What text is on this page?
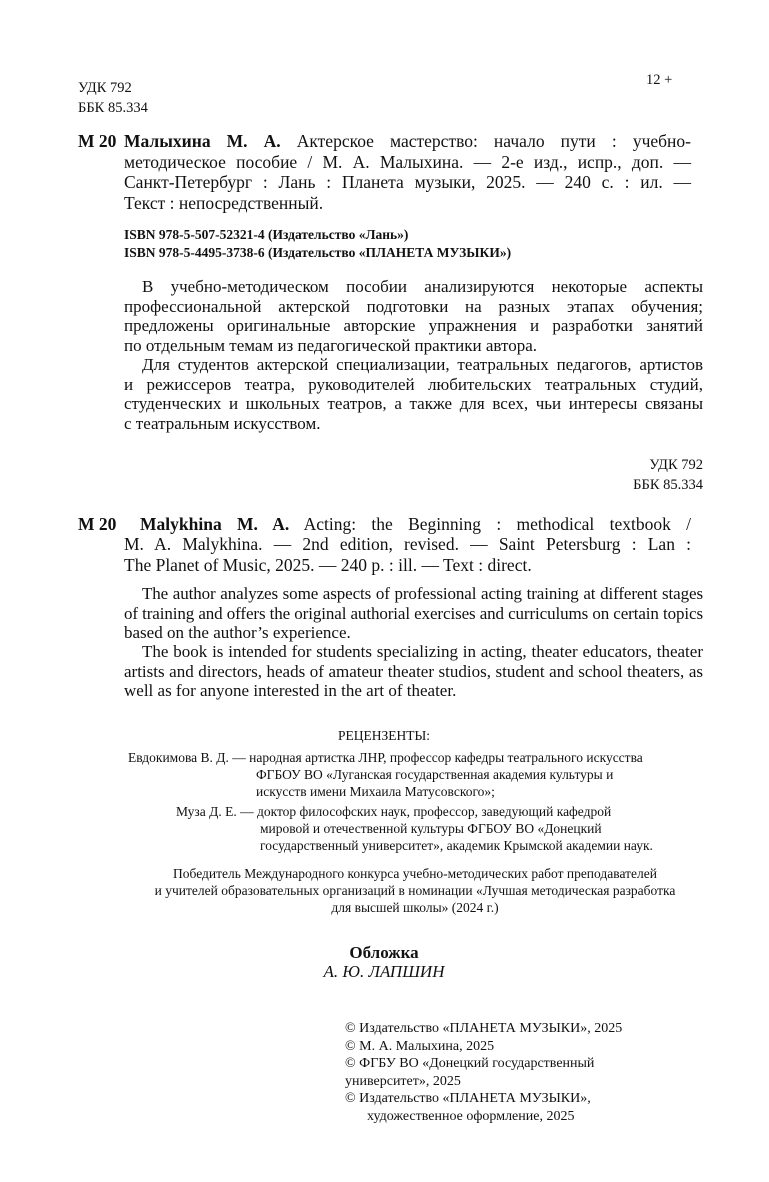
УДК 792
ББК 85.334
12 +
М 20 Малыхина М. А. Актерское мастерство: начало пути : учебно-
методическое пособие / М. А. Малыхина. — 2-е изд., испр., доп. —
Санкт-Петербург : Лань : Планета музыки, 2025. — 240 с. : ил. —
Текст : непосредственный.
ISBN 978-5-507-52321-4 (Издательство «Лань»)
ISBN 978-5-4495-3738-6 (Издательство «ПЛАНЕТА МУЗЫКИ»)
В учебно-методическом пособии анализируются некоторые аспекты
профессиональной актерской подготовки на разных этапах обучения;
предложены оригинальные авторские упражнения и разработки занятий
по отдельным темам из педагогической практики автора.
Для студентов актерской специализации, театральных педагогов, артистов
и режиссеров театра, руководителей любительских театральных студий,
студенческих и школьных театров, а также для всех, чьи интересы связаны
с театральным искусством.
УДК 792
ББК 85.334
M 20 Malykhina M. A. Acting: the Beginning : methodical textbook /
M. A. Malykhina. — 2nd edition, revised. — Saint Petersburg : Lan :
The Planet of Music, 2025. — 240 p. : ill. — Text : direct.
The author analyzes some aspects of professional acting training at different stages
of training and offers the original authorial exercises and curriculums on certain topics
based on the author’s experience.
The book is intended for students specializing in acting, theater educators, theater
artists and directors, heads of amateur theater studios, student and school theaters, as
well as for anyone interested in the art of theater.
РЕЦЕНЗЕНТЫ:
Евдокимова В. Д. — народная артистка ЛНР, профессор кафедры театрального искусства
ФГБОУ ВО «Луганская государственная академия культуры и
искусств имени Михаила Матусовского»;
Муза Д. Е. — доктор философских наук, профессор, заведующий кафедрой
мировой и отечественной культуры ФГБОУ ВО «Донецкий
государственный университет», академик Крымской академии наук.
Победитель Международного конкурса учебно-методических работ преподавателей
и учителей образовательных организаций в номинации «Лучшая методическая разработка
для высшей школы» (2024 г.)
Обложка
А. Ю. ЛАПШИН
© Издательство «ПЛАНЕТА МУЗЫКИ», 2025
© М. А. Малыхина, 2025
© ФГБУ ВО «Донецкий государственный
университет», 2025
© Издательство «ПЛАНЕТА МУЗЫКИ»,
художественное оформление, 2025
